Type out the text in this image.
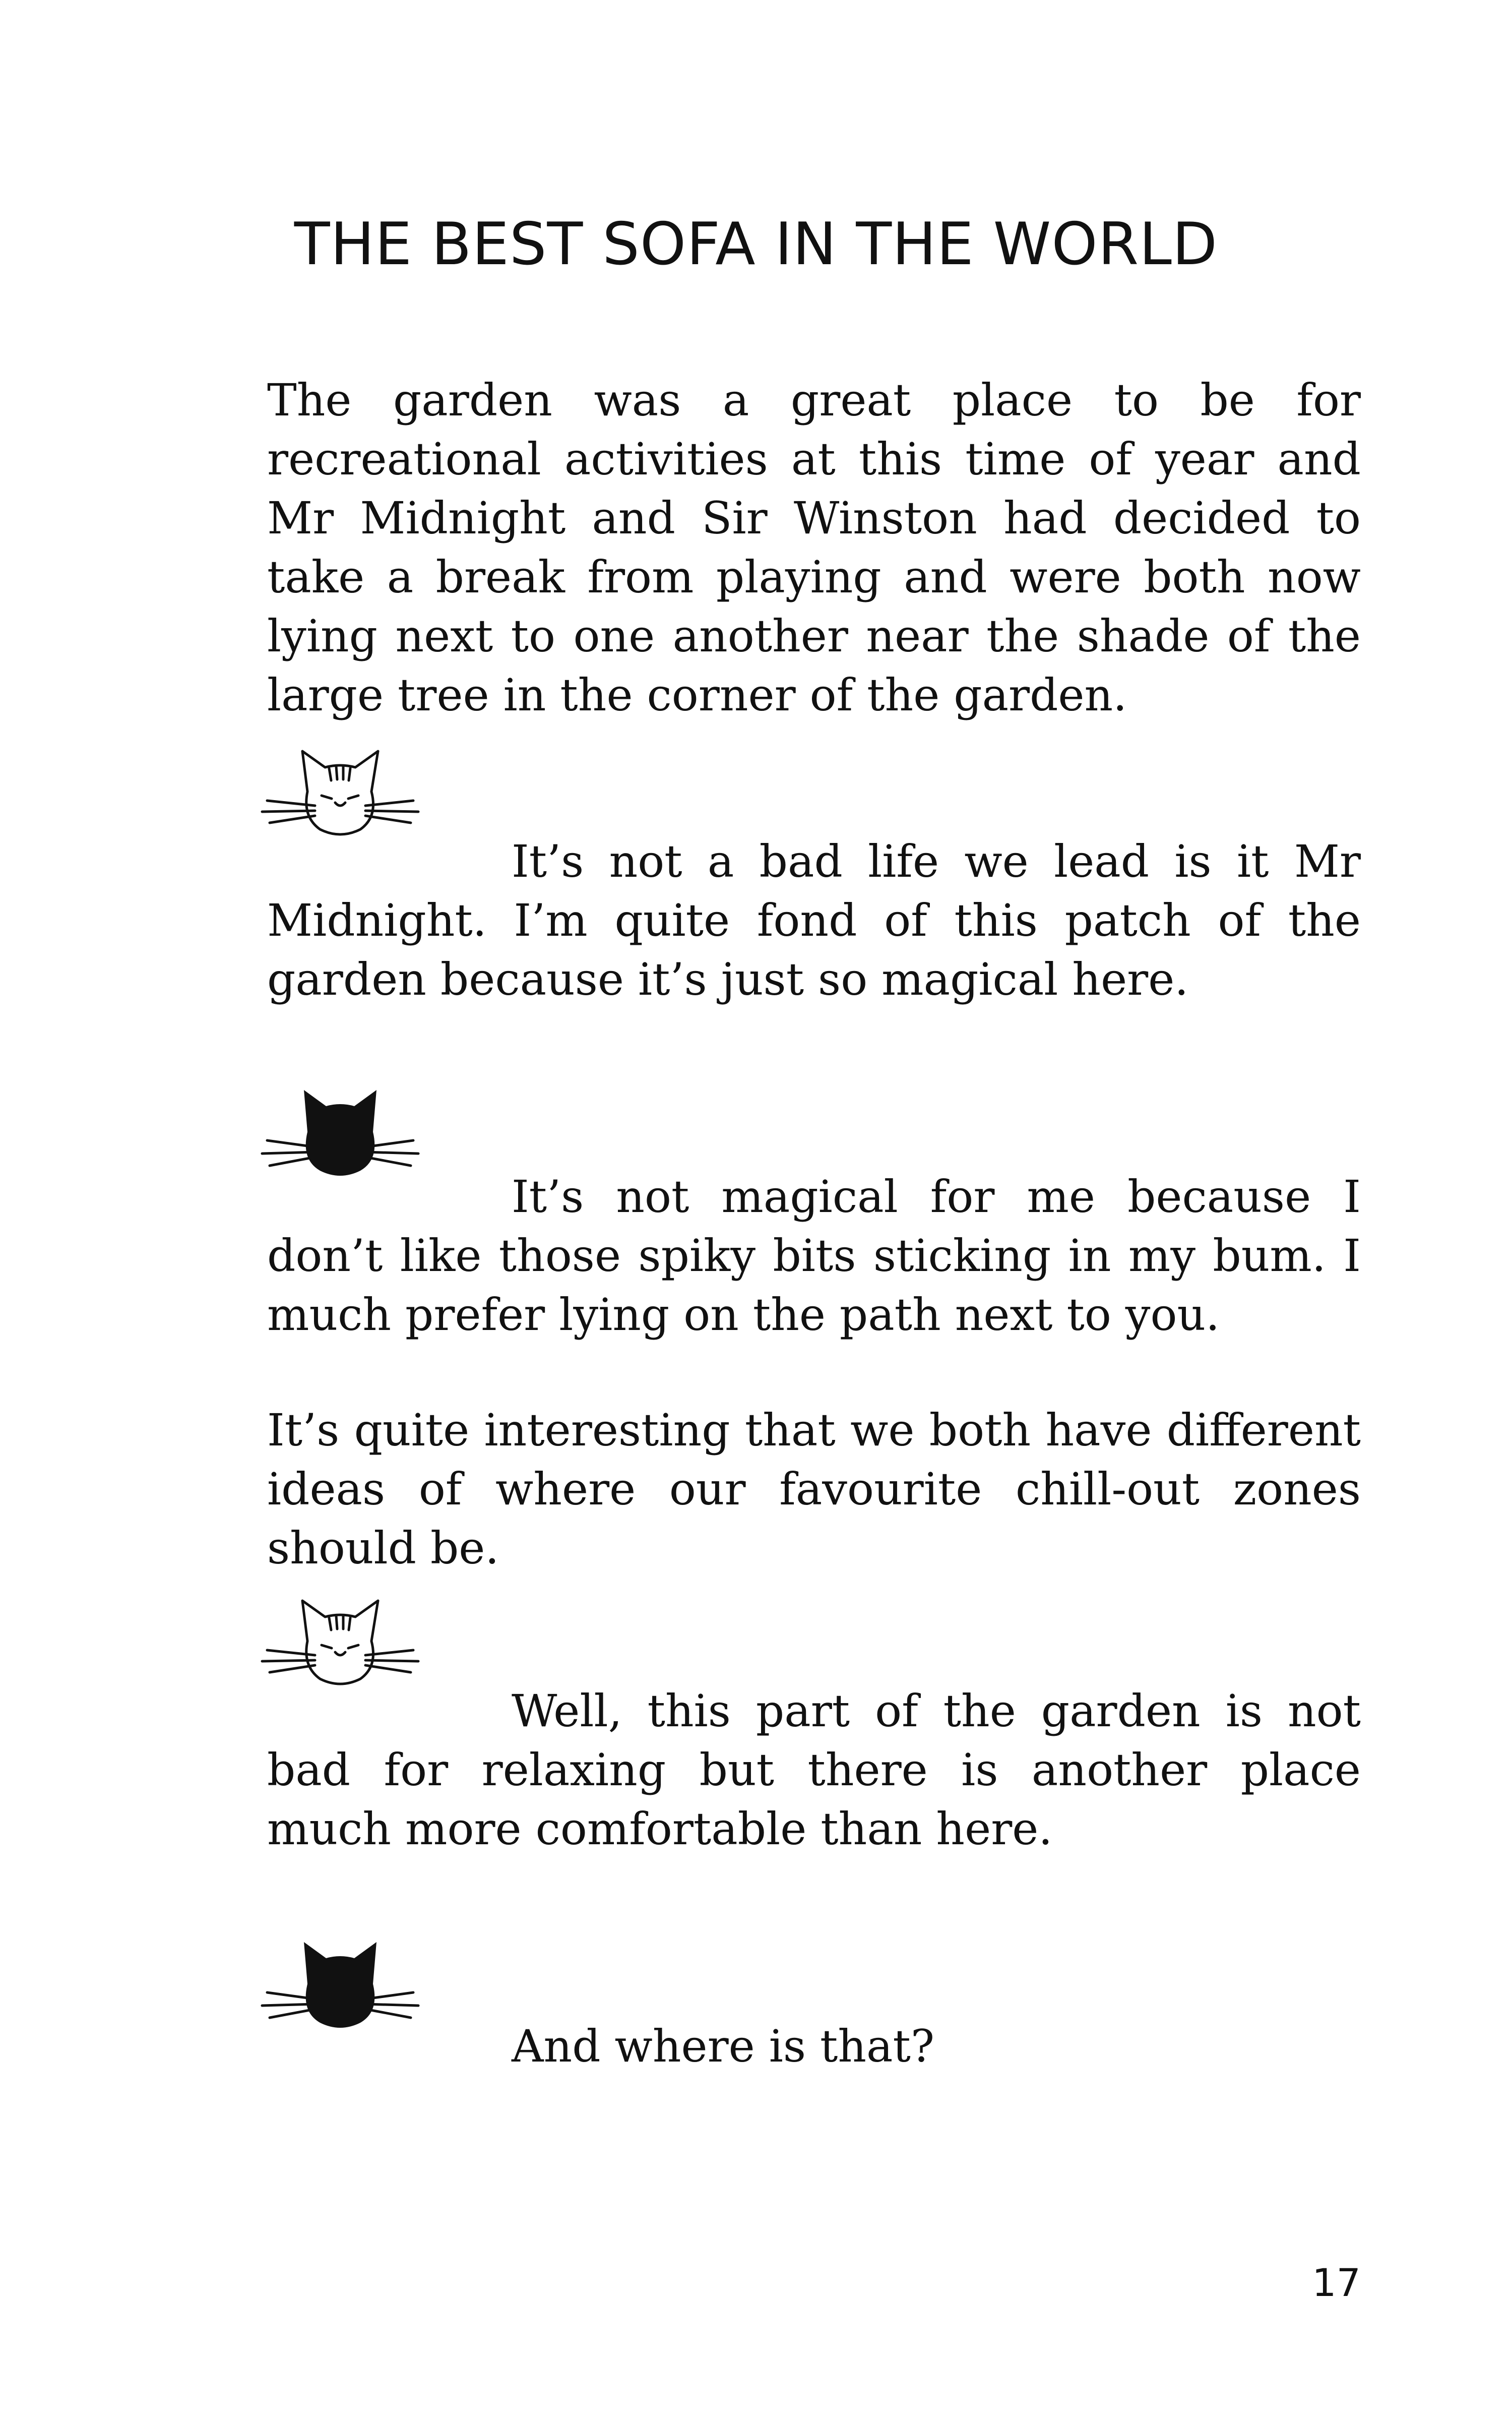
THE BEST SOFA IN THE WORLD

The garden was a great place to be for recreational activities at this time of year and Mr Midnight and Sir Winston had decided to take a break from playing and were both now lying next to one another near the shade of the large tree in the corner of the garden.

It’s not a bad life we lead is it Mr Midnight. I’m quite fond of this patch of the garden because it’s just so magical here.

It’s not magical for me because I don’t like those spiky bits sticking in my bum. I much prefer lying on the path next to you.

It’s quite interesting that we both have different ideas of where our favourite chill-out zones should be.

Well, this part of the garden is not bad for relaxing but there is another place much more comfortable than here.

And where is that?

17
